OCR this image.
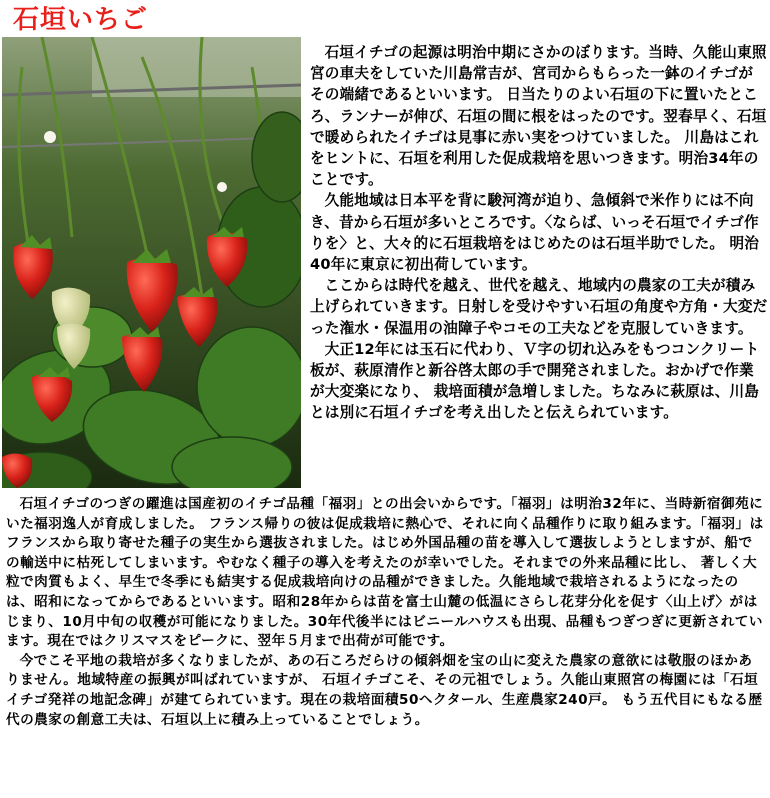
石垣いちご

石垣イチゴの起源は明治中期にさかのぼります。当時、久能山東照宮の車夫をしていた川島常吉が、宮司からもらった一鉢のイチゴがその端緒であるといいます。 日当たりのよい石垣の下に置いたところ、ランナーが伸び、石垣の間に根をはったのです。翌春早く、石垣で暖められたイチゴは見事に赤い実をつけていました。 川島はこれをヒントに、石垣を利用した促成栽培を思いつきます。明治34年のことです。

久能地域は日本平を背に駿河湾が迫り、急傾斜で米作りには不向き、昔から石垣が多いところです。〈ならば、いっそ石垣でイチゴ作りを〉と、大々的に石垣栽培をはじめたのは石垣半助でした。 明治40年に東京に初出荷しています。

ここからは時代を越え、世代を越え、地域内の農家の工夫が積み上げられていきます。日射しを受けやすい石垣の角度や方角・大変だった潅水・保温用の油障子やコモの工夫などを克服していきます。

大正12年には玉石に代わり、Ｖ字の切れ込みをもつコンクリート板が、萩原清作と新谷啓太郎の手で開発されました。おかげで作業が大変楽になり、 栽培面積が急増しました。ちなみに萩原は、川島とは別に石垣イチゴを考え出したと伝えられています。

石垣イチゴのつぎの躍進は国産初のイチゴ品種「福羽」との出会いからです。「福羽」は明治32年に、当時新宿御苑にいた福羽逸人が育成しました。 フランス帰りの彼は促成栽培に熱心で、それに向く品種作りに取り組みます。「福羽」はフランスから取り寄せた種子の実生から選抜されました。はじめ外国品種の苗を導入して選抜しようとしますが、船での輸送中に枯死してしまいます。やむなく種子の導入を考えたのが幸いでした。それまでの外来品種に比し、 著しく大粒で肉質もよく、早生で冬季にも結実する促成栽培向けの品種ができました。久能地域で栽培されるようになったのは、昭和になってからであるといいます。昭和28年からは苗を富士山麓の低温にさらし花芽分化を促す〈山上げ〉がはじまり、10月中旬の収穫が可能になりました。30年代後半にはビニールハウスも出現、品種もつぎつぎに更新されています。現在ではクリスマスをピークに、翌年５月まで出荷が可能です。

今でこそ平地の栽培が多くなりましたが、あの石ころだらけの傾斜畑を宝の山に変えた農家の意欲には敬服のほかありません。地域特産の振興が叫ばれていますが、 石垣イチゴこそ、その元祖でしょう。久能山東照宮の梅園には「石垣イチゴ発祥の地記念碑」が建てられています。現在の栽培面積50ヘクタール、生産農家240戸。 もう五代目にもなる歴代の農家の創意工夫は、石垣以上に積み上っていることでしょう。
